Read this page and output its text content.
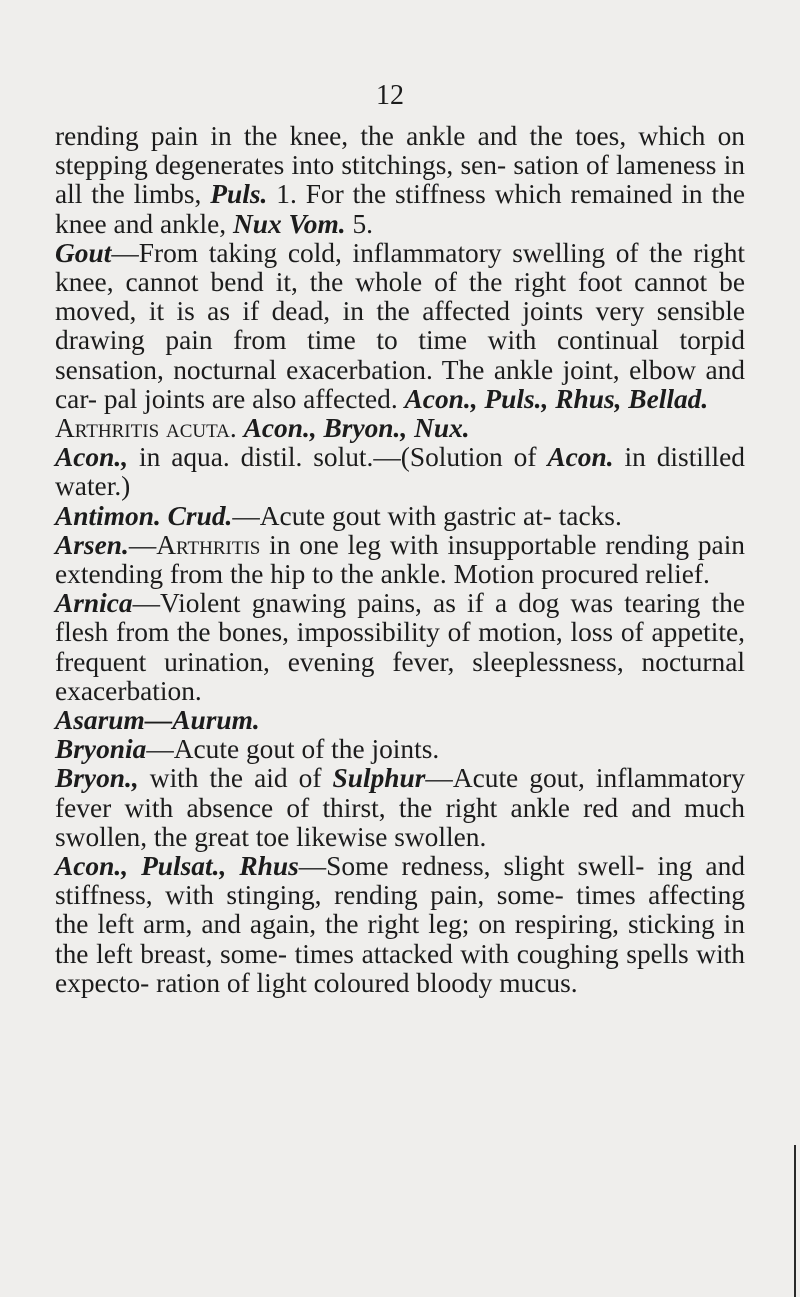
12

rending pain in the knee, the ankle and the toes, which on stepping degenerates into stitchings, sen- sation of lameness in all the limbs, Puls. 1. For the stiffness which remained in the knee and ankle, Nux Vom. 5.

Gout—From taking cold, inflammatory swelling of the right knee, cannot bend it, the whole of the right foot cannot be moved, it is as if dead, in the affected joints very sensible drawing pain from time to time with continual torpid sensation, nocturnal exacerbation. The ankle joint, elbow and car- pal joints are also affected. Acon., Puls., Rhus, Bellad.

Arthritis acuta. Acon., Bryon., Nux.

Acon., in aqua. distil. solut.—(Solution of Acon. in distilled water.)

Antimon. Crud.—Acute gout with gastric at- tacks.

Arsen.—Arthritis in one leg with insupportable rending pain extending from the hip to the ankle. Motion procured relief.

Arnica—Violent gnawing pains, as if a dog was tearing the flesh from the bones, impossibility of motion, loss of appetite, frequent urination, evening fever, sleeplessness, nocturnal exacerbation.

Asarum—Aurum.

Bryonia—Acute gout of the joints.

Bryon., with the aid of Sulphur—Acute gout, inflammatory fever with absence of thirst, the right ankle red and much swollen, the great toe likewise swollen.

Acon., Pulsat., Rhus—Some redness, slight swell- ing and stiffness, with stinging, rending pain, some- times affecting the left arm, and again, the right leg; on respiring, sticking in the left breast, some- times attacked with coughing spells with expecto- ration of light coloured bloody mucus.
